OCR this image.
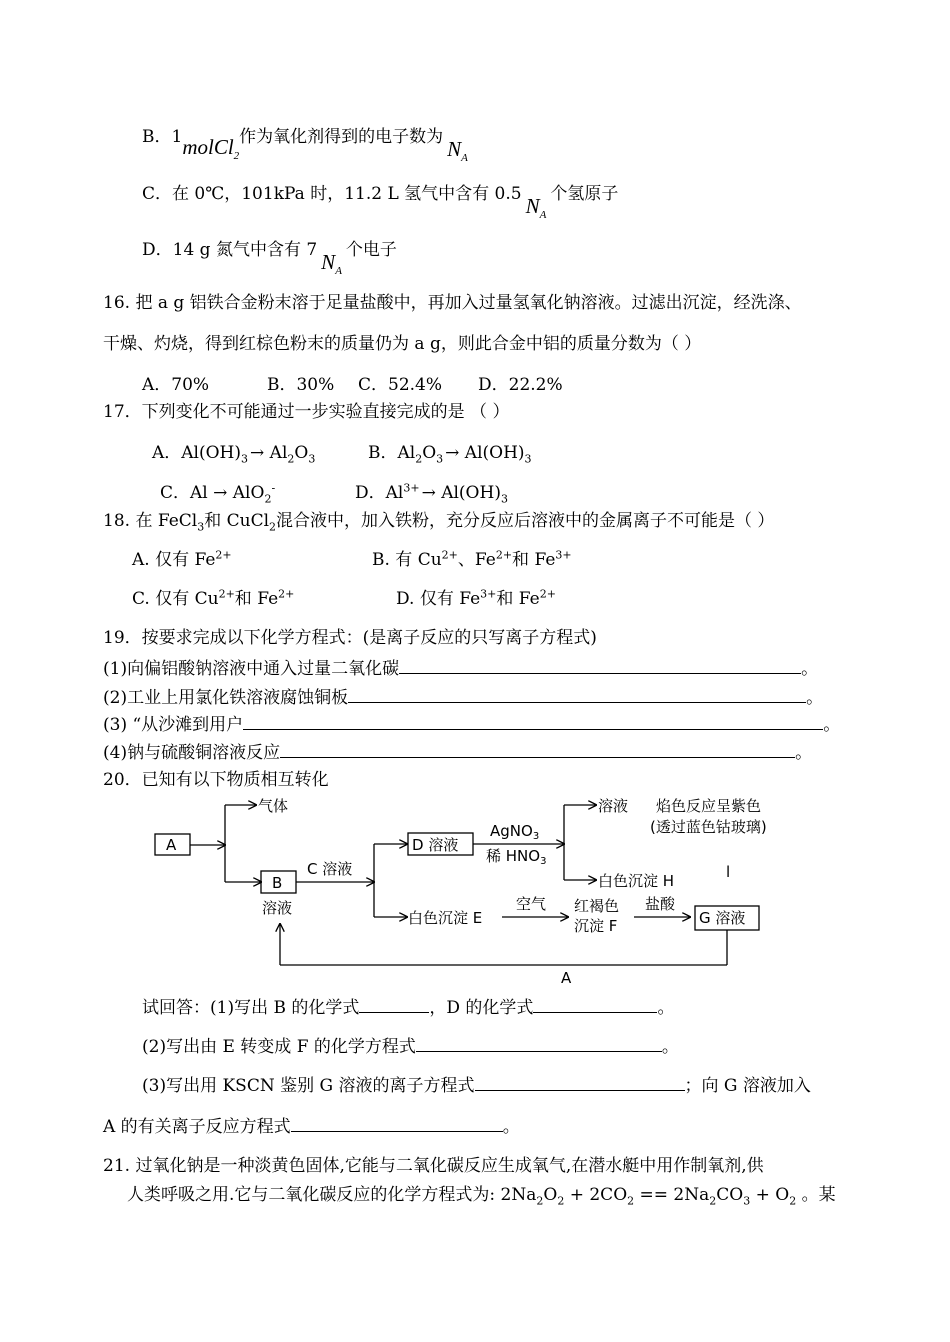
B．1molCl$_2$作为氧化剂得到的电子数为 $N_A$
C．在 0℃，101kPa 时，11.2 L 氢气中含有 0.5 $N_A$个氢原子
D．14 g 氮气中含有 7 $N_A$个电子
16. 把 a g 铝铁合金粉末溶于足量盐酸中，再加入过量氢氧化钠溶液。过滤出沉淀，经洗涤、
干燥、灼烧，得到红棕色粉末的质量仍为 a g，则此合金中铝的质量分数为（ ）
A．70%	B．30% C．52.4% D．22.2%
17．下列变化不可能通过一步实验直接完成的是 （ ）
A．$Al(OH)_3 \to Al_2O_3$	B．$Al_2O_3 \to Al(OH)_3$
C．Al → AlO$_2$-	D．$Al^{3+} \to Al(OH)_3$
18. 在 FeCl$_3$和 CuCl$_2$混合液中，加入铁粉，充分反应后溶液中的金属离子不可能是（ ）
A. 仅有 $Fe^{2+}$	B. 有 $Cu^{2+}$、$Fe^{2+}$和 $Fe^{3+}$
C. 仅有 $Cu^{2+}$和 $Fe^{2+}$	D. 仅有 $Fe^{3+}$和 $Fe^{2+}$
19．按要求完成以下化学方程式：(是离子反应的只写离子方程式)
(1)向偏铝酸钠溶液中通入过量二氧化碳	。
(2)工业上用氯化铁溶液腐蚀铜板	。
(3) “从沙滩到用户	。
(4)钠与硫酸铜溶液反应	。
20．已知有以下物质相互转化
A
气体
B
溶液
C 溶液
D 溶液
AgNO$_3$
稀 $HNO_3$
溶液 焰色反应呈紫色
(透过蓝色钴玻璃)
白色沉淀 H	l
白色沉淀 E
空气 红褐色
沉淀 F
盐酸
G 溶液
A
试回答：(1)写出 B 的化学式	，D 的化学式	。
(2)写出由 E 转变成 F 的化学方程式	。
(3)写出用 KSCN 鉴别 G 溶液的离子方程式	；向 G 溶液加入
A 的有关离子反应方程式	。
21. 过氧化钠是一种淡黄色固体,它能与二氧化碳反应生成氧气,在潜水艇中用作制氧剂,供
人类呼吸之用.它与二氧化碳反应的化学方程式为: $2Na_2O_2 + 2CO_2 == 2Na_2CO_3 + O_2$ 。某
